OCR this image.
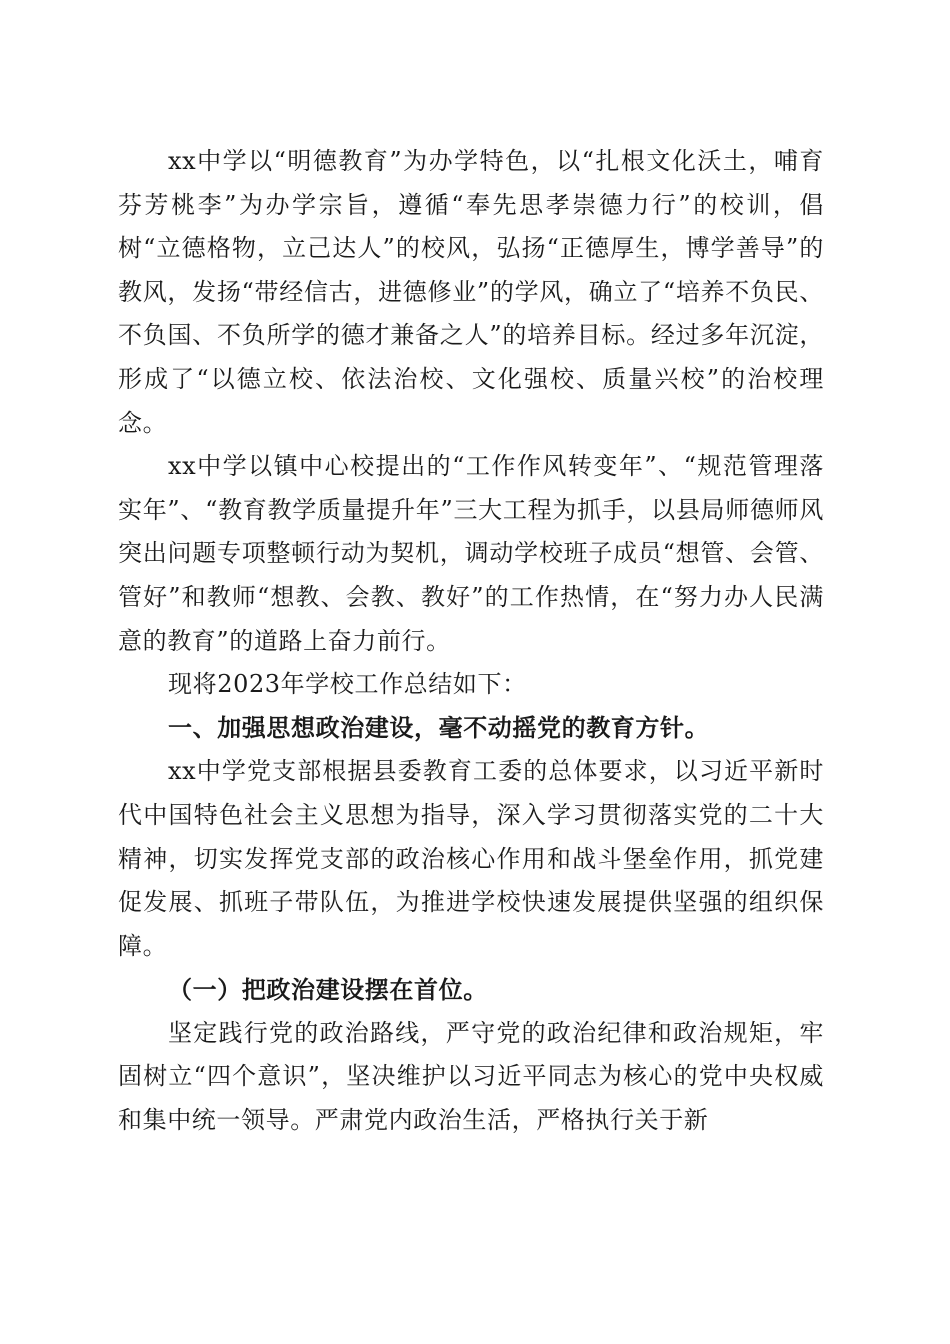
xx中学以“明德教育”为办学特色，以“扎根文化沃土，哺育芬芳桃李”为办学宗旨，遵循“奉先思孝崇德力行”的校训，倡树“立德格物，立己达人”的校风，弘扬“正德厚生，博学善导”的教风，发扬“带经信古，进德修业”的学风，确立了“培养不负民、不负国、不负所学的德才兼备之人”的培养目标。经过多年沉淀，形成了“以德立校、依法治校、文化强校、质量兴校”的治校理念。

xx中学以镇中心校提出的“工作作风转变年”、“规范管理落实年”、“教育教学质量提升年”三大工程为抓手，以县局师德师风突出问题专项整顿行动为契机，调动学校班子成员“想管、会管、管好”和教师“想教、会教、教好”的工作热情，在“努力办人民满意的教育”的道路上奋力前行。

现将2023年学校工作总结如下：

一、加强思想政治建设，毫不动摇党的教育方针。

xx中学党支部根据县委教育工委的总体要求，以习近平新时代中国特色社会主义思想为指导，深入学习贯彻落实党的二十大精神，切实发挥党支部的政治核心作用和战斗堡垒作用，抓党建促发展、抓班子带队伍，为推进学校快速发展提供坚强的组织保障。

（一）把政治建设摆在首位。

坚定践行党的政治路线，严守党的政治纪律和政治规矩，牢固树立“四个意识”，坚决维护以习近平同志为核心的党中央权威和集中统一领导。严肃党内政治生活，严格执行关于新
